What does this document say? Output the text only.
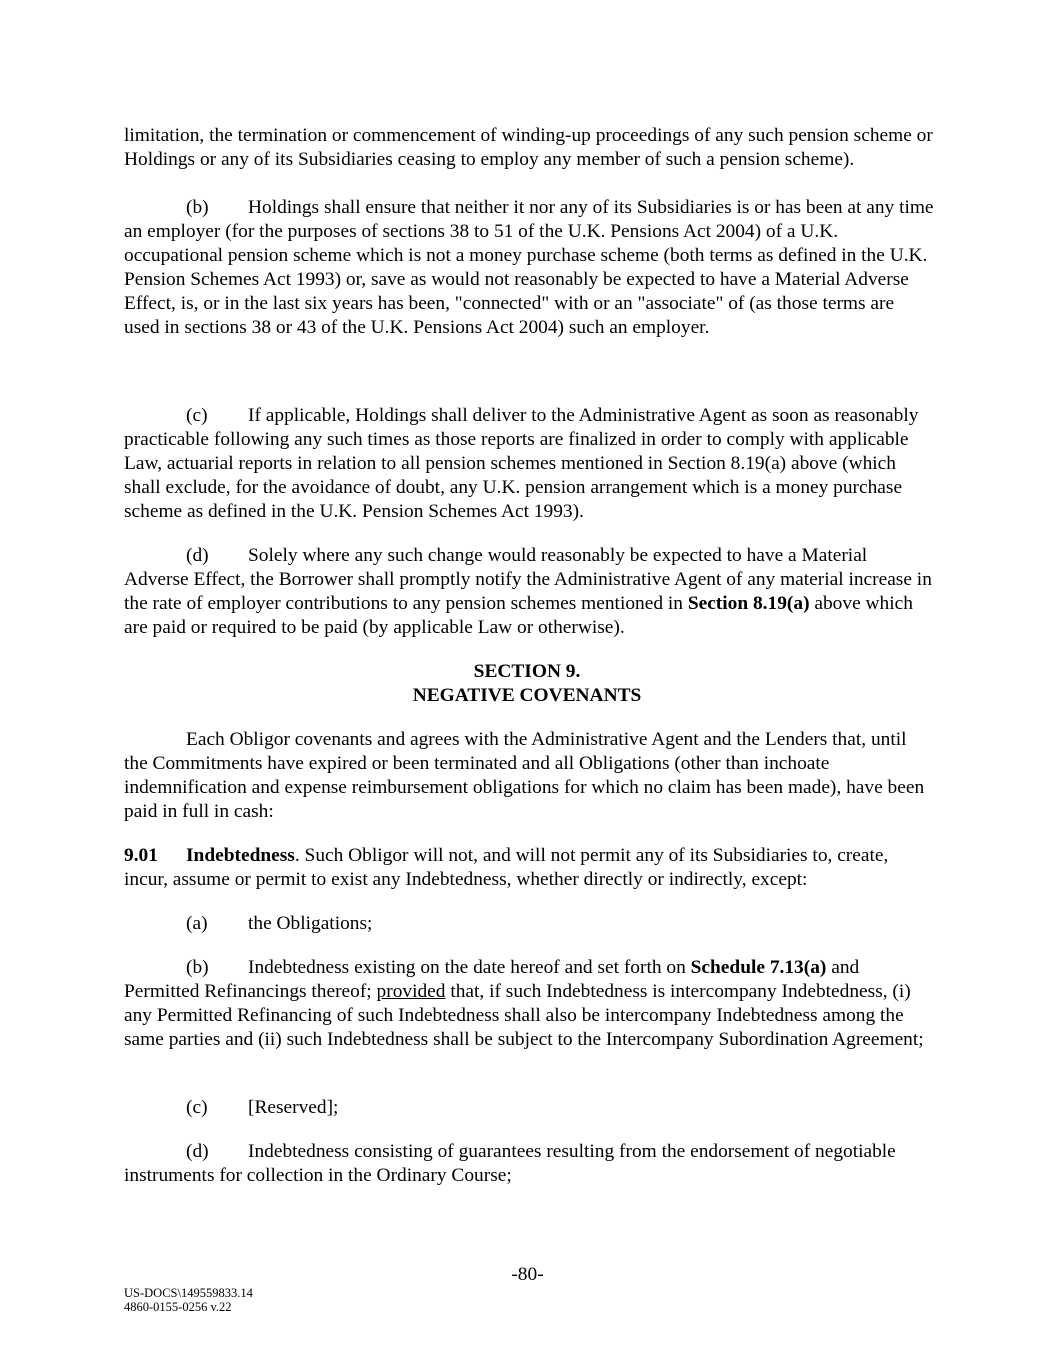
limitation, the termination or commencement of winding-up proceedings of any such pension scheme or Holdings or any of its Subsidiaries ceasing to employ any member of such a pension scheme).

(b) Holdings shall ensure that neither it nor any of its Subsidiaries is or has been at any time an employer (for the purposes of sections 38 to 51 of the U.K. Pensions Act 2004) of a U.K. occupational pension scheme which is not a money purchase scheme (both terms as defined in the U.K. Pension Schemes Act 1993) or, save as would not reasonably be expected to have a Material Adverse Effect, is, or in the last six years has been, "connected" with or an "associate" of (as those terms are used in sections 38 or 43 of the U.K. Pensions Act 2004) such an employer.

(c) If applicable, Holdings shall deliver to the Administrative Agent as soon as reasonably practicable following any such times as those reports are finalized in order to comply with applicable Law, actuarial reports in relation to all pension schemes mentioned in Section 8.19(a) above (which shall exclude, for the avoidance of doubt, any U.K. pension arrangement which is a money purchase scheme as defined in the U.K. Pension Schemes Act 1993).

(d) Solely where any such change would reasonably be expected to have a Material Adverse Effect, the Borrower shall promptly notify the Administrative Agent of any material increase in the rate of employer contributions to any pension schemes mentioned in Section 8.19(a) above which are paid or required to be paid (by applicable Law or otherwise).

SECTION 9.
NEGATIVE COVENANTS

Each Obligor covenants and agrees with the Administrative Agent and the Lenders that, until the Commitments have expired or been terminated and all Obligations (other than inchoate indemnification and expense reimbursement obligations for which no claim has been made), have been paid in full in cash:

9.01 Indebtedness. Such Obligor will not, and will not permit any of its Subsidiaries to, create, incur, assume or permit to exist any Indebtedness, whether directly or indirectly, except:

(a) the Obligations;

(b) Indebtedness existing on the date hereof and set forth on Schedule 7.13(a) and Permitted Refinancings thereof; provided that, if such Indebtedness is intercompany Indebtedness, (i) any Permitted Refinancing of such Indebtedness shall also be intercompany Indebtedness among the same parties and (ii) such Indebtedness shall be subject to the Intercompany Subordination Agreement;

(c) [Reserved];

(d) Indebtedness consisting of guarantees resulting from the endorsement of negotiable instruments for collection in the Ordinary Course;

-80-
US-DOCS\149559833.14
4860-0155-0256 v.22
